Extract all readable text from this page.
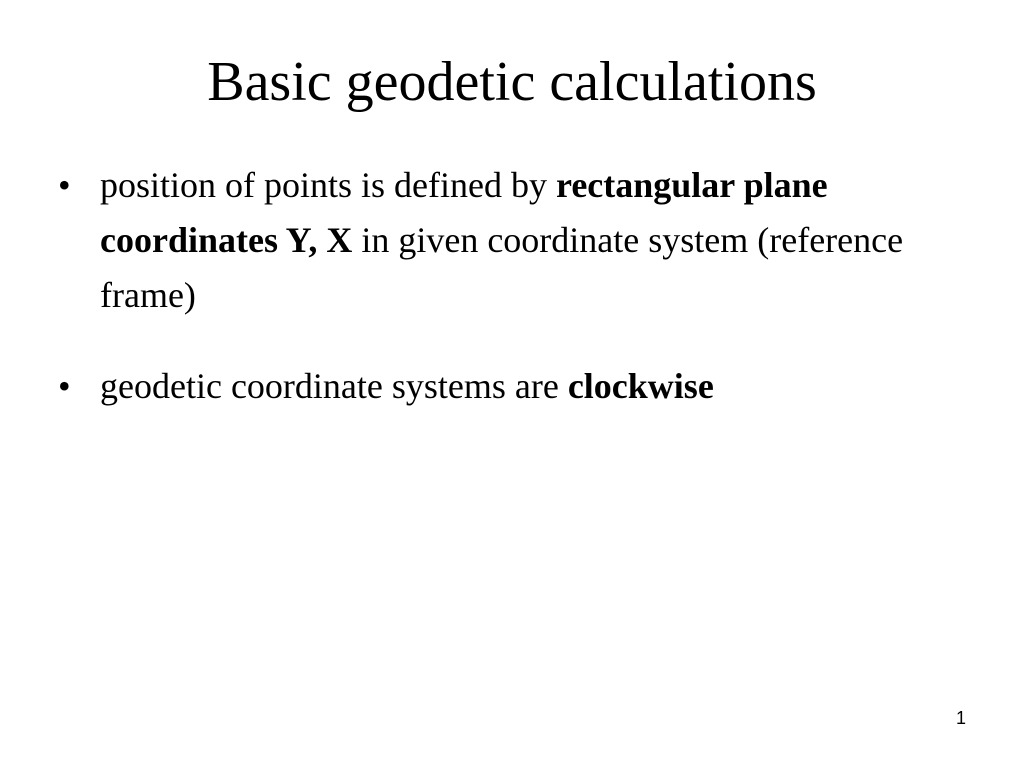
Basic geodetic calculations
• position of points is defined by rectangular plane coordinates Y, X in given coordinate system (reference frame)
• geodetic coordinate systems are clockwise
1
